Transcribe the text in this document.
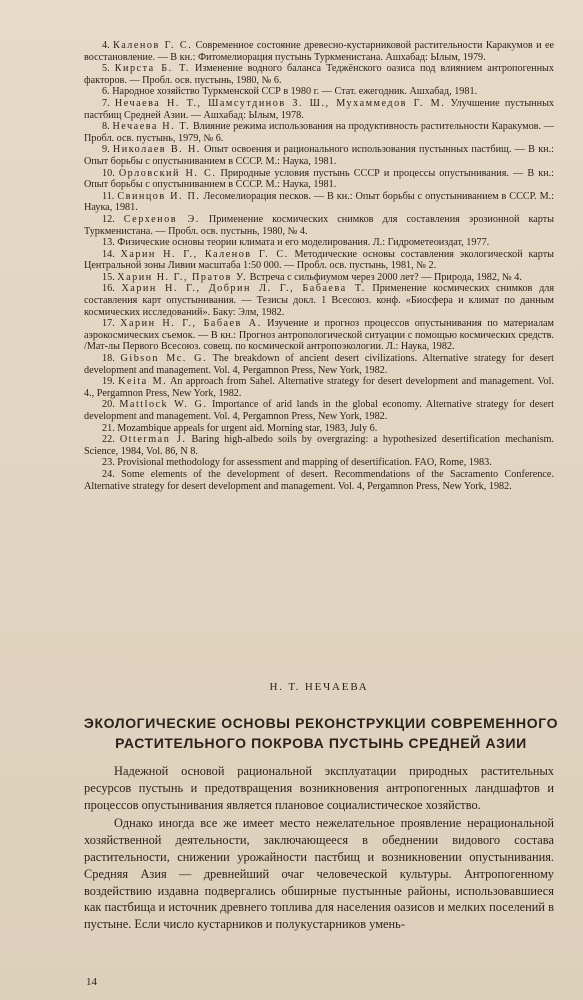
4. Каленов Г. С. Современное состояние древесно-кустарниковой растительности Каракумов и ее восстановление. — В кн.: Фитомелиорация пустынь Туркменистана. Ашхабад: Ылым, 1979.

5. Кирста Б. Т. Изменение водного баланса Теджёнского оазиса под влиянием антропогенных факторов. — Пробл. осв. пустынь, 1980, № 6.

6. Народное хозяйство Туркменской ССР в 1980 г. — Стат. ежегодник. Ашхабад, 1981.

7. Нечаева Н. Т., Шамсутдинов З. Ш., Мухаммедов Г. М. Улучшение пустынных пастбищ Средней Азии. — Ашхабад: Ылым, 1978.

8. Нечаева Н. Т. Влияние режима использования на продуктивность растительности Каракумов. — Пробл. осв. пустынь, 1979, № 6.

9. Николаев В. Н. Опыт освоения и рационального использования пустынных пастбищ. — В кн.: Опыт борьбы с опустыниванием в СССР. М.: Наука, 1981.

10. Орловский Н. С. Природные условия пустынь СССР и процессы опустынивания. — В кн.: Опыт борьбы с опустыниванием в СССР. М.: Наука, 1981.

11. Свинцов И. П. Лесомелиорация песков. — В кн.: Опыт борьбы с опустыниванием в СССР. М.: Наука, 1981.

12. Серхенов Э. Применение космических снимков для составления эрозионной карты Туркменистана. — Пробл. осв. пустынь, 1980, № 4.

13. Физические основы теории климата и его моделирования. Л.: Гидрометеоиздат, 1977.

14. Харин Н. Г., Каленов Г. С. Методические основы составления экологической карты Центральной зоны Ливии масштаба 1:50 000. — Пробл. осв. пустынь, 1981, № 2.

15. Харин Н. Г., Пратов У. Встреча с сильфиумом через 2000 лет? — Природа, 1982, № 4.

16. Харин Н. Г., Добрин Л. Г., Бабаева Т. Применение космических снимков для составления карт опустынивания. — Тезисы докл. 1 Всесоюз. конф. «Биосфера и климат по данным космических исследований». Баку: Элм, 1982.

17. Харин Н. Г., Бабаев А. Изучение и прогноз процессов опустынивания по материалам аэрокосмических съемок. — В кн.: Прогноз антропологической ситуации с помощью космических средств. /Мат-лы Первого Всесоюз. совещ. по космической антропоэкологии. Л.: Наука, 1982.

18. Gibson Mc. G. The breakdown of ancient desert civilizations. Alternative strategy for desert development and management. Vol. 4, Pergamnon Press, New York, 1982.

19. Keita M. An approach from Sahel. Alternative strategy for desert development and management. Vol. 4., Pergamnon Press, New York, 1982.

20. Mattlock W. G. Importance of arid lands in the global economy. Alternative strategy for desert development and management. Vol. 4, Pergamnon Press, New York, 1982.

21. Mozambique appeals for urgent aid. Morning star, 1983, July 6.

22. Otterman J. Baring high-albedo soils by overgrazing: a hypothesized desertification mechanism. Science, 1984, Vol. 86, N 8.

23. Provisional methodology for assessment and mapping of desertification. FAO, Rome, 1983.

24. Some elements of the development of desert. Recommendations of the Sacramento Conference. Alternative strategy for desert development and management. Vol. 4, Pergamnon Press, New York, 1982.

Н. Т. НЕЧАЕВА
ЭКОЛОГИЧЕСКИЕ ОСНОВЫ РЕКОНСТРУКЦИИ СОВРЕМЕННОГО РАСТИТЕЛЬНОГО ПОКРОВА ПУСТЫНЬ СРЕДНЕЙ АЗИИ

Надежной основой рациональной эксплуатации природных растительных ресурсов пустынь и предотвращения возникновения антропогенных ландшафтов и процессов опустынивания является плановое социалистическое хозяйство.

Однако иногда все же имеет место нежелательное проявление нерациональной хозяйственной деятельности, заключающееся в обеднении видового состава растительности, снижении урожайности пастбищ и возникновении опустынивания. Средняя Азия — древнейший очаг человеческой культуры. Антропогенному воздействию издавна подвергались обширные пустынные районы, использовавшиеся как пастбища и источник древнего топлива для населения оазисов и мелких поселений в пустыне. Если число кустарников и полукустарников умень-

14
